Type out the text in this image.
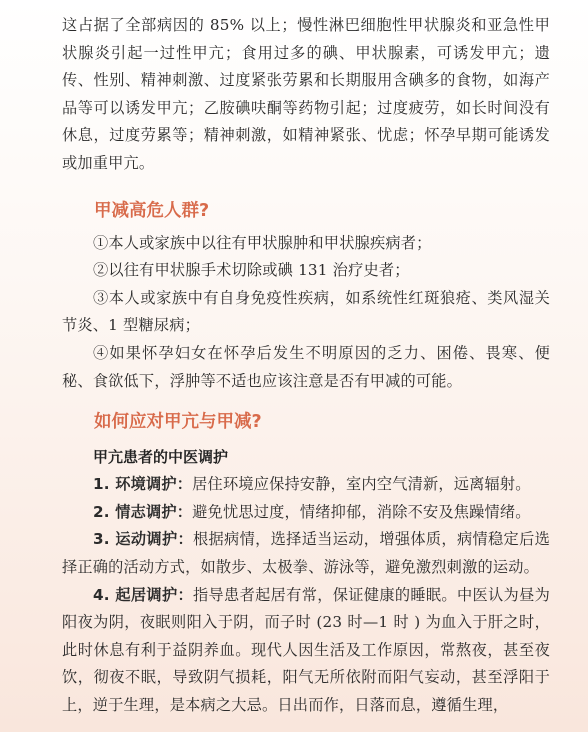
这占据了全部病因的 85% 以上；慢性淋巴细胞性甲状腺炎和亚急性甲状腺炎引起一过性甲亢；食用过多的碘、甲状腺素，可诱发甲亢；遗传、性别、精神刺激、过度紧张劳累和长期服用含碘多的食物，如海产品等可以诱发甲亢；乙胺碘呋酮等药物引起；过度疲劳，如长时间没有休息，过度劳累等；精神刺激，如精神紧张、忧虑；怀孕早期可能诱发或加重甲亢。

甲减高危人群?

①本人或家族中以往有甲状腺肿和甲状腺疾病者；

②以往有甲状腺手术切除或碘 131 治疗史者；

③本人或家族中有自身免疫性疾病，如系统性红斑狼疮、类风湿关节炎、1 型糖尿病；

④如果怀孕妇女在怀孕后发生不明原因的乏力、困倦、畏寒、便秘、食欲低下，浮肿等不适也应该注意是否有甲减的可能。

如何应对甲亢与甲减?
甲亢患者的中医调护

1. 环境调护：居住环境应保持安静，室内空气清新，远离辐射。

2. 情志调护：避免忧思过度，情绪抑郁，消除不安及焦躁情绪。

3. 运动调护：根据病情，选择适当运动，增强体质，病情稳定后选择正确的活动方式，如散步、太极拳、游泳等，避免激烈刺激的运动。

4. 起居调护：指导患者起居有常，保证健康的睡眠。中医认为昼为阳夜为阴，夜眠则阳入于阴，而子时 (23 时—1 时 ) 为血入于肝之时，此时休息有利于益阴养血。现代人因生活及工作原因，常熬夜，甚至夜饮，彻夜不眠，导致阴气损耗，阳气无所依附而阳气妄动，甚至浮阳于上，逆于生理，是本病之大忌。日出而作，日落而息，遵循生理，
